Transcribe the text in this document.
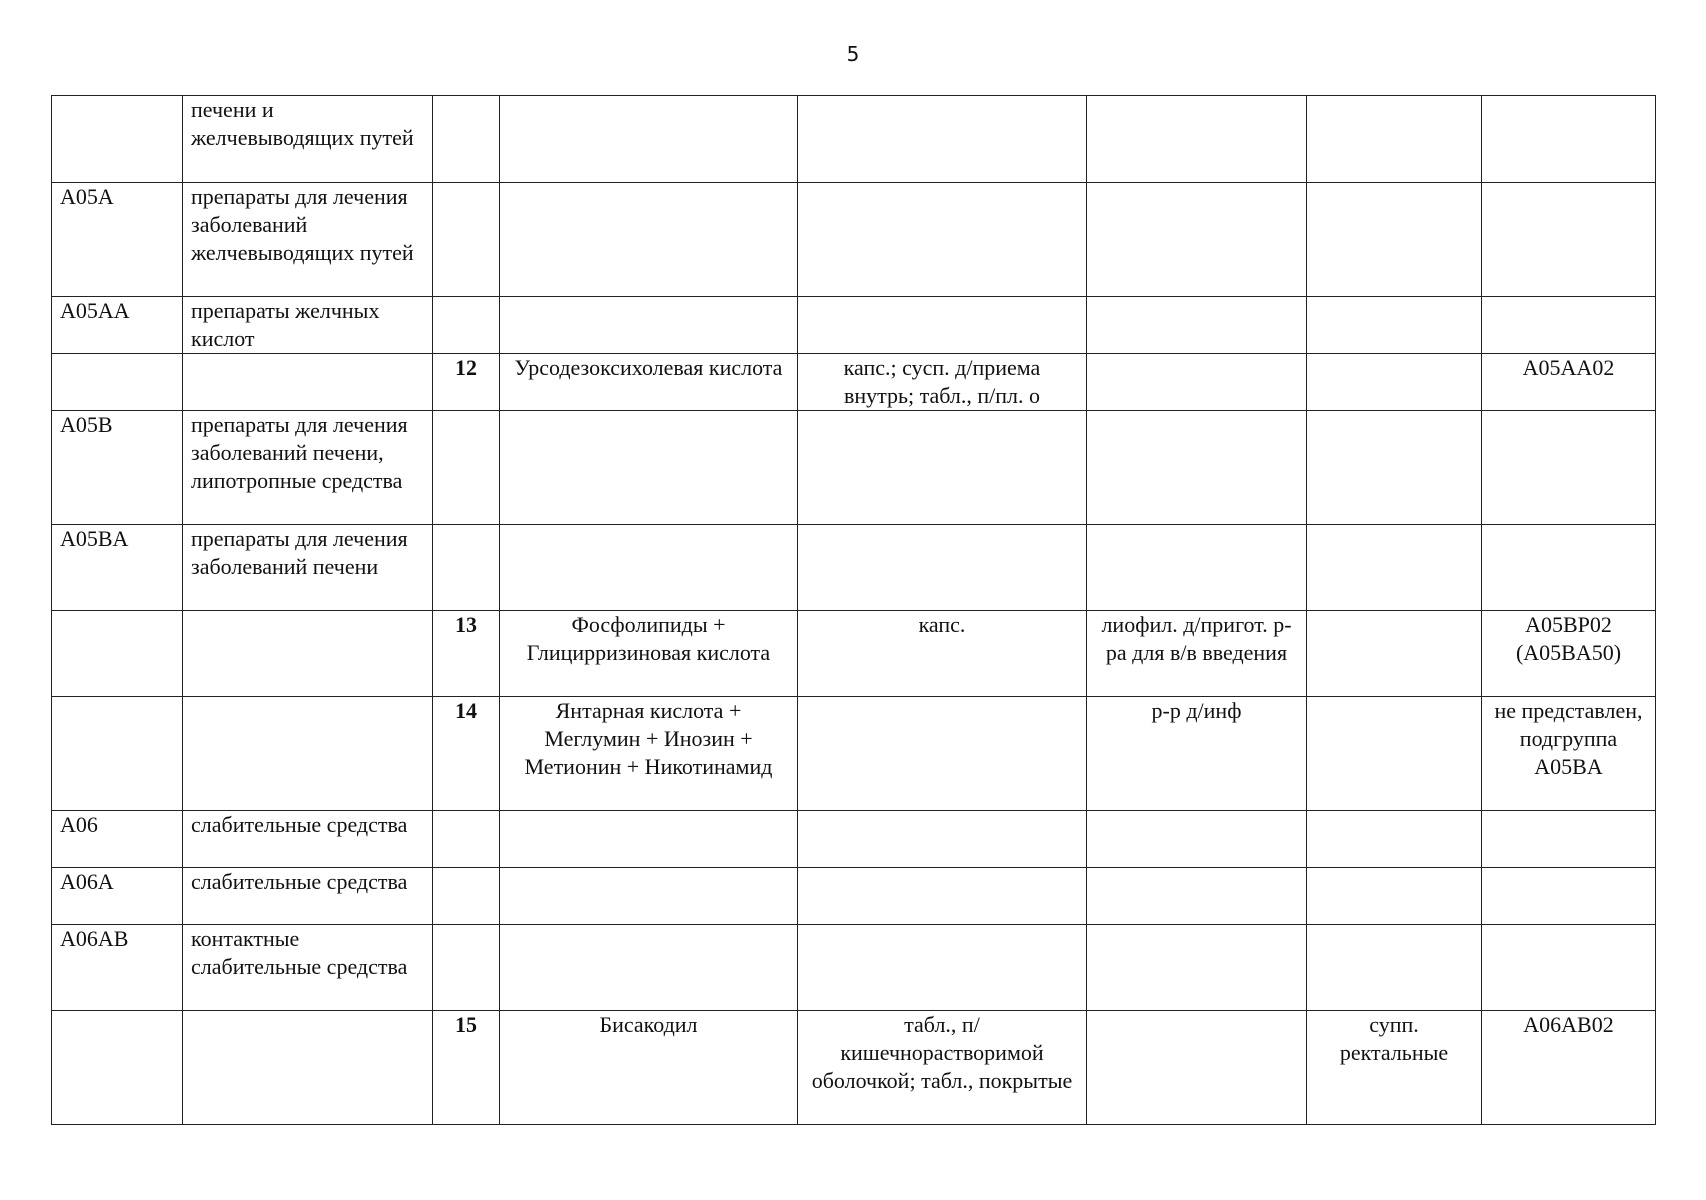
5
	печени и желчевыводящих путей						
A05A	препараты для лечения заболеваний желчевыводящих путей						
A05AA	препараты желчных кислот						
		12	Урсодезоксихолевая кислота	капс.; сусп. д/приема внутрь; табл., п/пл. о			A05AA02
A05B	препараты для лечения заболеваний печени, липотропные средства						
A05BA	препараты для лечения заболеваний печени						
		13	Фосфолипиды + Глицирризиновая кислота	капс.	лиофил. д/пригот. р-ра для в/в введения		A05BP02 (A05BA50)
		14	Янтарная кислота + Меглумин + Инозин + Метионин + Никотинамид		р-р д/инф		не представлен, подгруппа A05BA
A06	слабительные средства						
A06A	слабительные средства						
A06AB	контактные слабительные средства						
		15	Бисакодил	табл., п/кишечнорастворимой оболочкой; табл., покрытые		супп. ректальные	A06AB02
